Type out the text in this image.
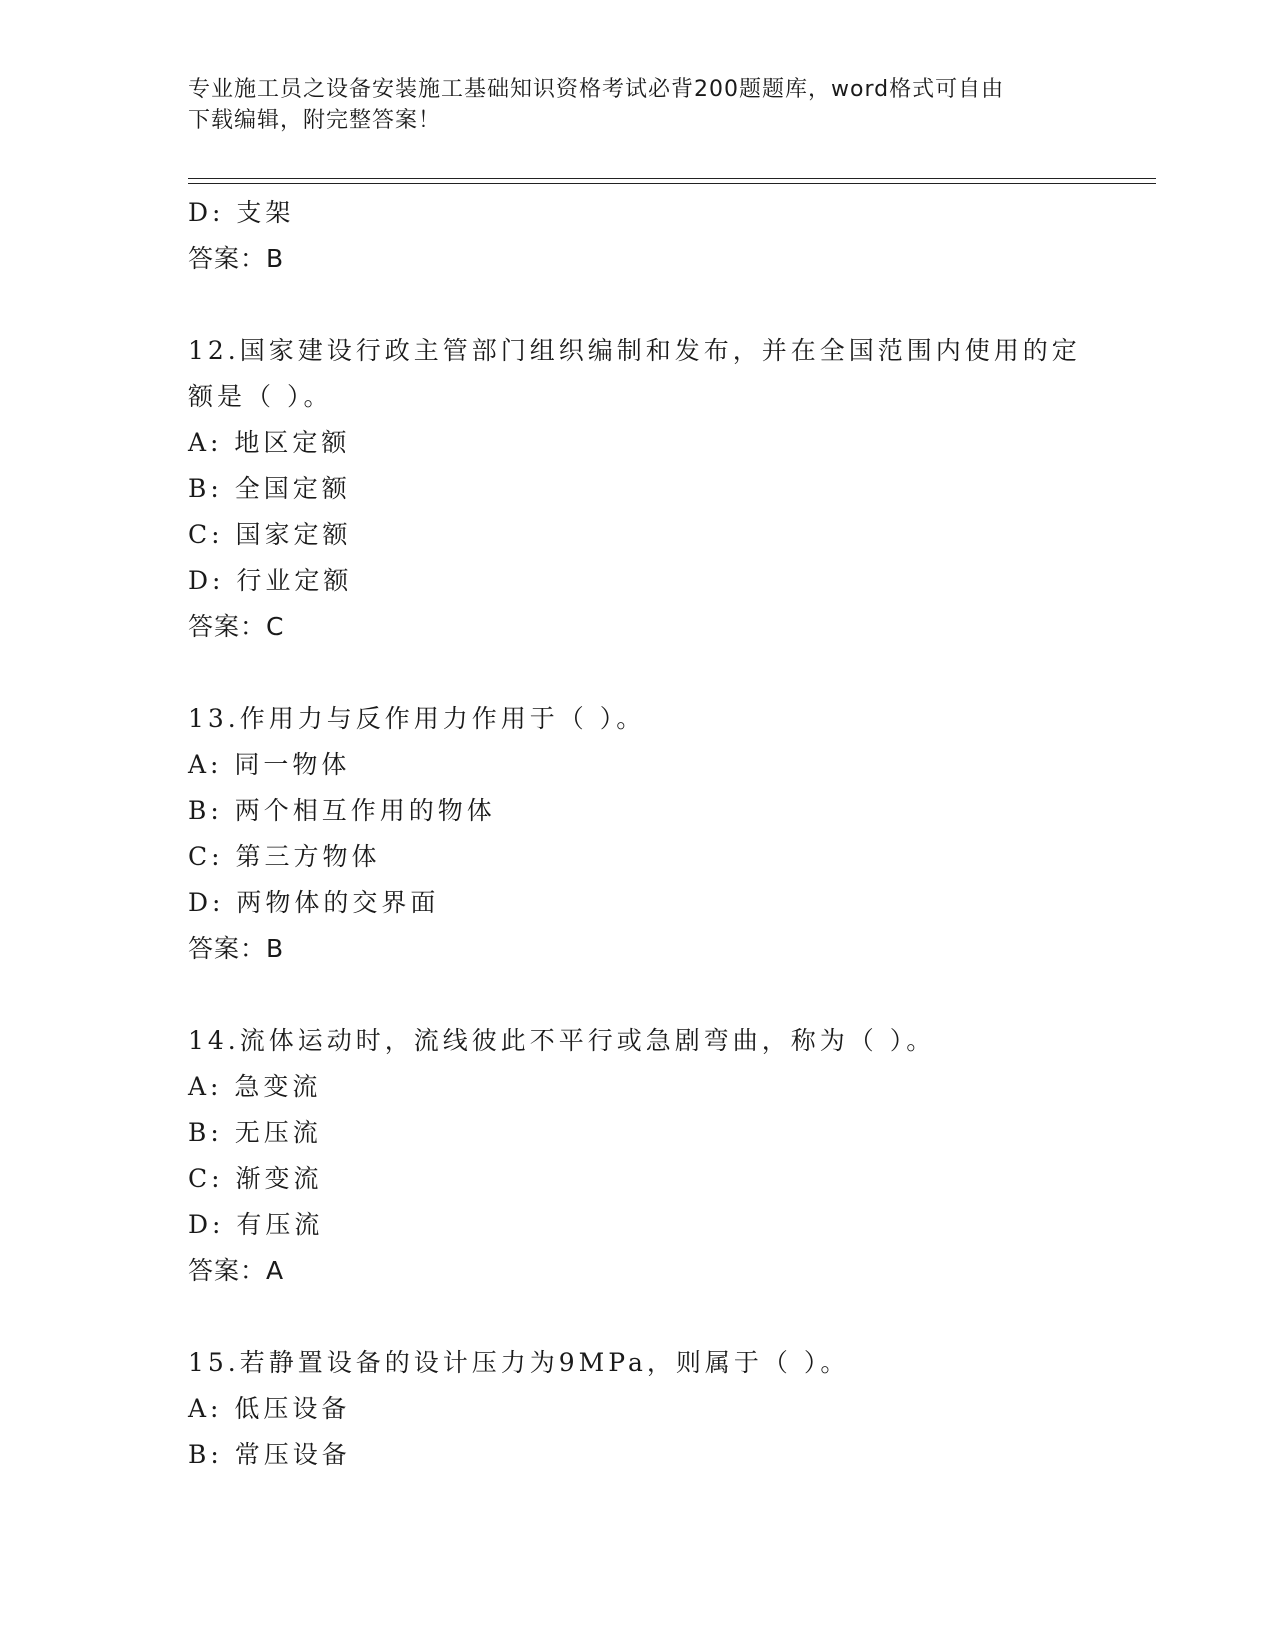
专业施工员之设备安装施工基础知识资格考试必背200题题库，word格式可自由
下载编辑，附完整答案！
D: 支架
答案：B
12.国家建设行政主管部门组织编制和发布，并在全国范围内使用的定
额是（ ）。
A: 地区定额
B: 全国定额
C: 国家定额
D: 行业定额
答案：C
13.作用力与反作用力作用于（ ）。
A: 同一物体
B: 两个相互作用的物体
C: 第三方物体
D: 两物体的交界面
答案：B
14.流体运动时，流线彼此不平行或急剧弯曲，称为（ ）。
A: 急变流
B: 无压流
C: 渐变流
D: 有压流
答案：A
15.若静置设备的设计压力为9MPa，则属于（ ）。
A: 低压设备
B: 常压设备
